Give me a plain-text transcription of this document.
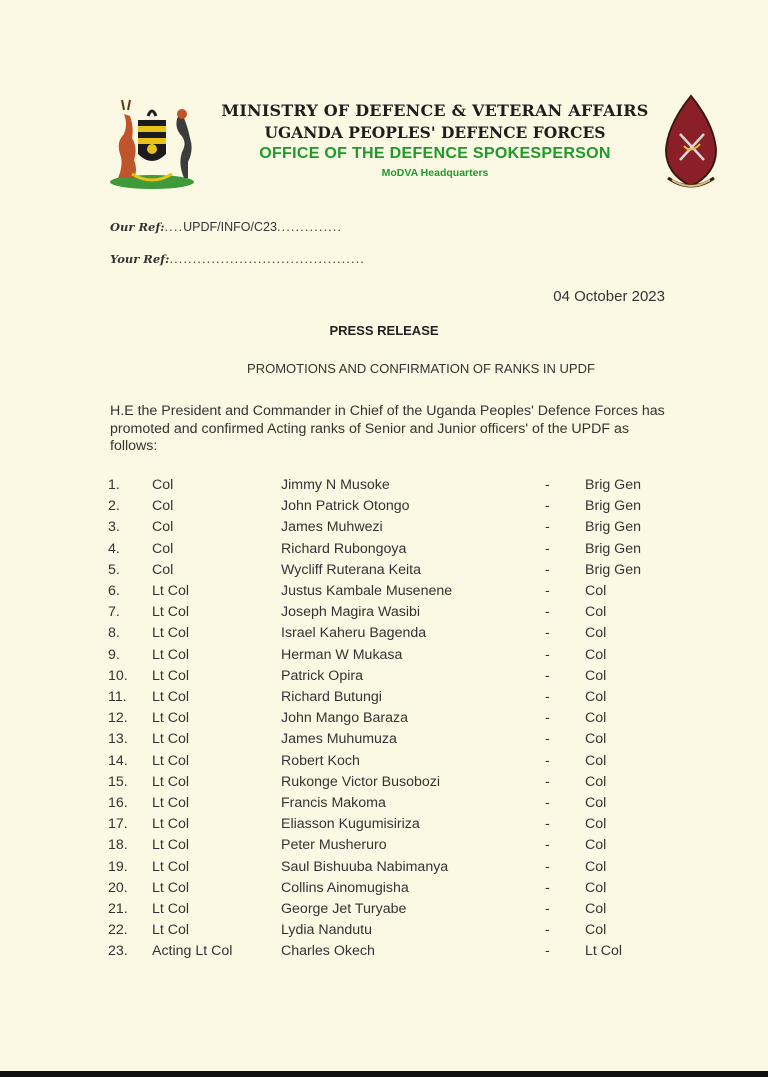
MINISTRY OF DEFENCE & VETERAN AFFAIRS
UGANDA PEOPLES' DEFENCE FORCES
OFFICE OF THE DEFENCE SPOKESPERSON
MoDVA Headquarters
Our Ref:....UPDF/INFO/C23..............
Your Ref:..........................................
04 October 2023
PRESS RELEASE
PROMOTIONS AND CONFIRMATION OF RANKS IN UPDF
H.E the President and Commander in Chief of the Uganda Peoples' Defence Forces has promoted and confirmed Acting ranks of Senior and Junior officers' of the UPDF as follows:
1. Col	Jimmy N Musoke	- Brig Gen
2. Col	John Patrick Otongo	- Brig Gen
3. Col	James Muhwezi	- Brig Gen
4. Col	Richard Rubongoya	- Brig Gen
5. Col	Wycliff Ruterana Keita	- Brig Gen
6. Lt Col	Justus Kambale Musenene	- Col
7. Lt Col	Joseph Magira Wasibi	- Col
8. Lt Col	Israel Kaheru Bagenda	- Col
9. Lt Col	Herman W Mukasa	- Col
10. Lt Col	Patrick Opira	- Col
11. Lt Col	Richard Butungi	- Col
12. Lt Col	John Mango Baraza	- Col
13. Lt Col	James Muhumuza	- Col
14. Lt Col	Robert Koch	- Col
15. Lt Col	Rukonge Victor Busobozi	- Col
16. Lt Col	Francis Makoma	- Col
17. Lt Col	Eliasson Kugumisiriza	- Col
18. Lt Col	Peter Musheruro	- Col
19. Lt Col	Saul Bishuuba Nabimanya	- Col
20. Lt Col	Collins Ainomugisha	- Col
21. Lt Col	George Jet Turyabe	- Col
22. Lt Col	Lydia Nandutu	- Col
23. Acting Lt Col	Charles Okech	- Lt Col
